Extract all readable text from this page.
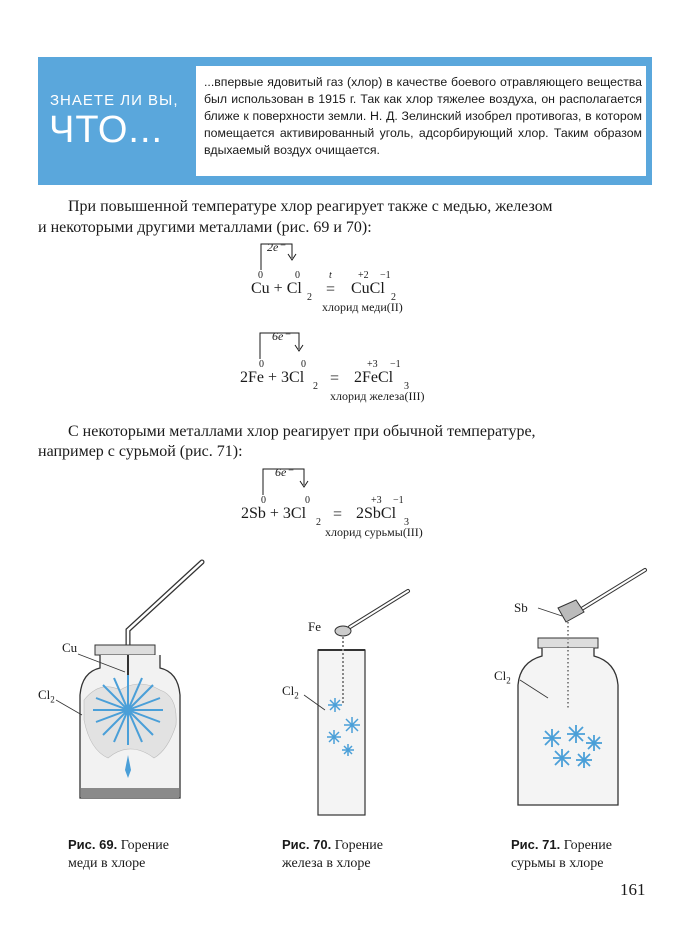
ЗНАЕТЕ ЛИ ВЫ,
ЧТО...
...впервые ядовитый газ (хлор) в качестве боевого отравляющего вещества был использован в 1915 г. Так как хлор тяжелее воздуха, он располагается ближе к поверхности земли. Н. Д. Зелинский изобрел противогаз, в котором помещается активированный уголь, адсорбирующий хлор. Таким образом вдыхаемый воздух очищается.
При повышенной температуре хлор реагирует также с медью, железом
и некоторыми другими металлами (рис. 69 и 70):
2e⁻
0	0
Cu + Cl
2
t
=
+2 −1
CuCl
2
хлорид меди(II)
6e⁻
0	0
2Fe + 3Cl
2 =
+3 −1
2FeCl
3
хлорид железа(III)
С некоторыми металлами хлор реагирует при обычной температуре,
например с сурьмой (рис. 71):
6e⁻
0	0
2Sb + 3Cl
2 =
+3 −1
2SbCl
3
хлорид сурьмы(III)
Cu
$Cl_2$
Рис. 69. Горение
меди в хлоре
Fe
$Cl_2$
Рис. 70. Горение
железа в хлоре
Sb
$Cl_2$
Рис. 71. Горение
сурьмы в хлоре
161
